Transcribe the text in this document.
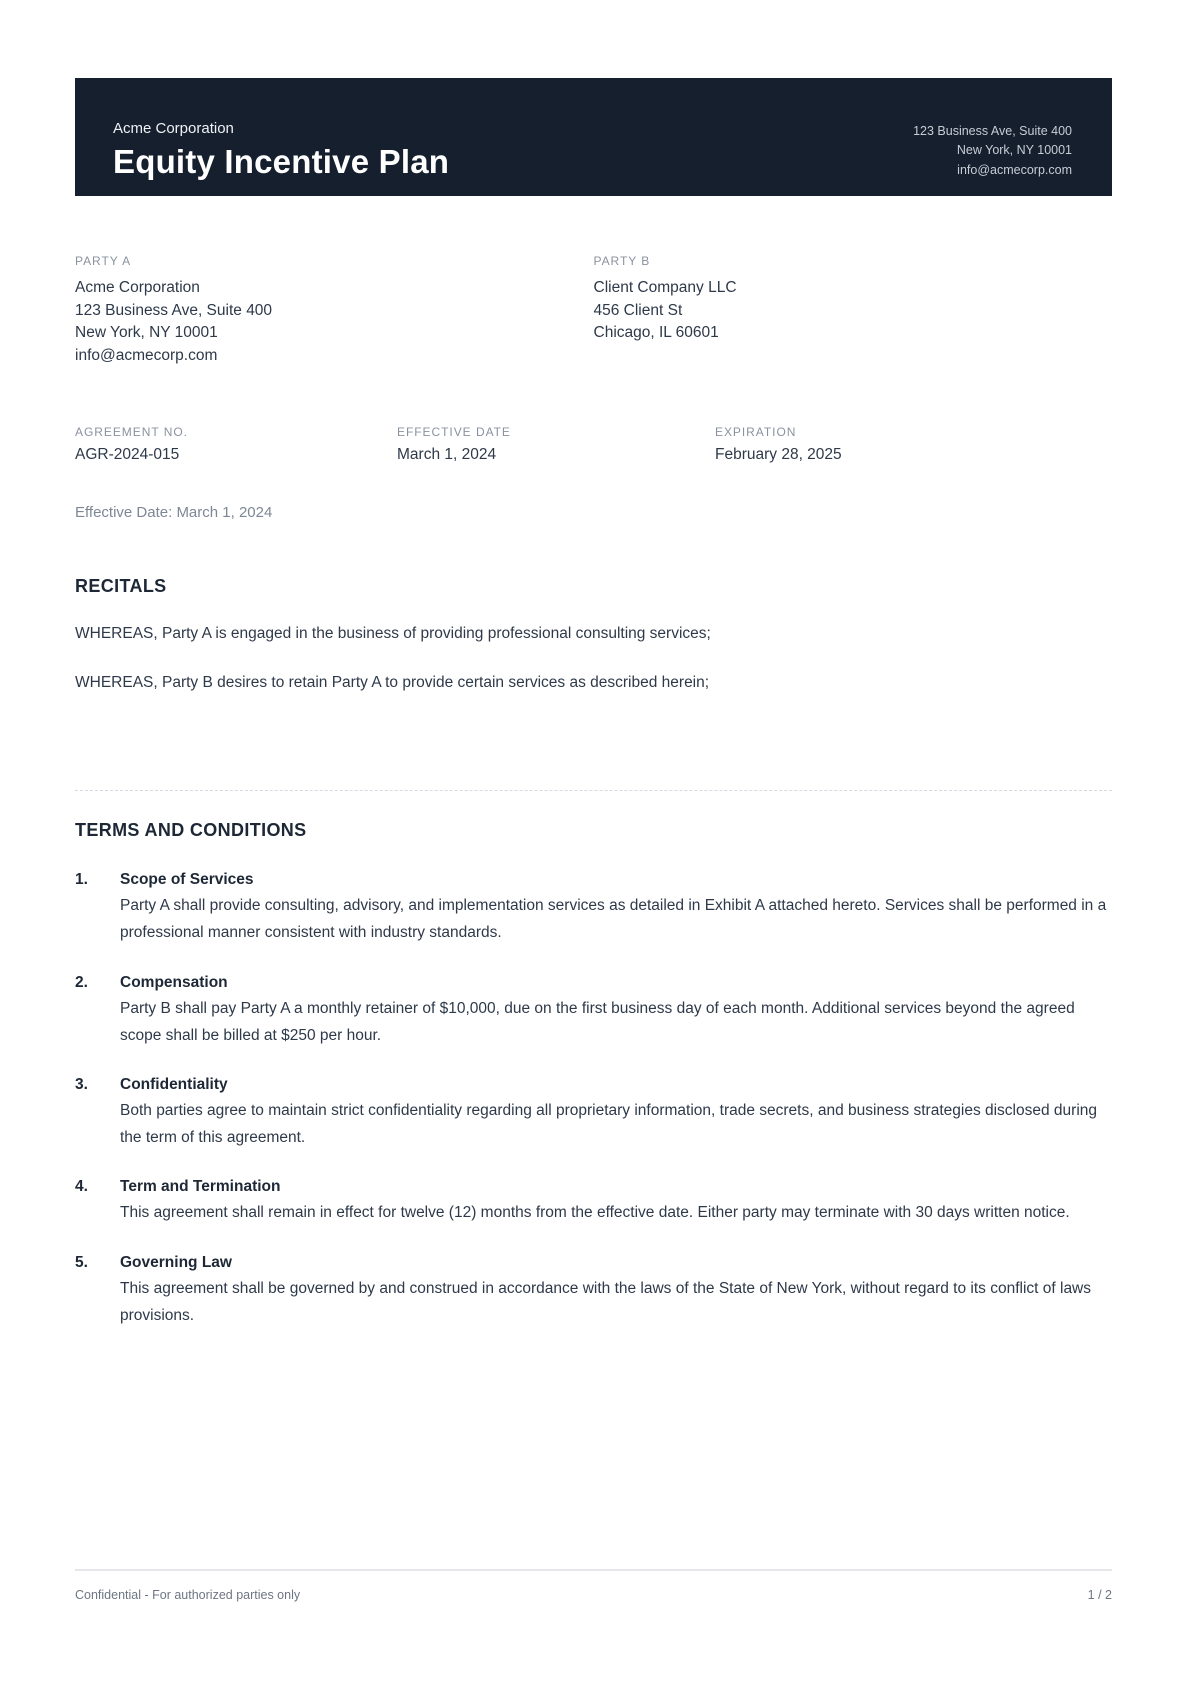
Acme Corporation
Equity Incentive Plan
123 Business Ave, Suite 400
New York, NY 10001
info@acmecorp.com
PARTY A
Acme Corporation
123 Business Ave, Suite 400
New York, NY 10001
info@acmecorp.com
PARTY B
Client Company LLC
456 Client St
Chicago, IL 60601
AGREEMENT NO.
AGR-2024-015
EFFECTIVE DATE
March 1, 2024
EXPIRATION
February 28, 2025
Effective Date: March 1, 2024
RECITALS
WHEREAS, Party A is engaged in the business of providing professional consulting services;
WHEREAS, Party B desires to retain Party A to provide certain services as described herein;
TERMS AND CONDITIONS
1.	Scope of Services
Party A shall provide consulting, advisory, and implementation services as detailed in Exhibit A attached hereto. Services shall be performed in a professional manner consistent with industry standards.
2.	Compensation
Party B shall pay Party A a monthly retainer of $10,000, due on the first business day of each month. Additional services beyond the agreed scope shall be billed at $250 per hour.
3.	Confidentiality
Both parties agree to maintain strict confidentiality regarding all proprietary information, trade secrets, and business strategies disclosed during the term of this agreement.
4.	Term and Termination
This agreement shall remain in effect for twelve (12) months from the effective date. Either party may terminate with 30 days written notice.
5.	Governing Law
This agreement shall be governed by and construed in accordance with the laws of the State of New York, without regard to its conflict of laws provisions.
Confidential - For authorized parties only	1 / 2
